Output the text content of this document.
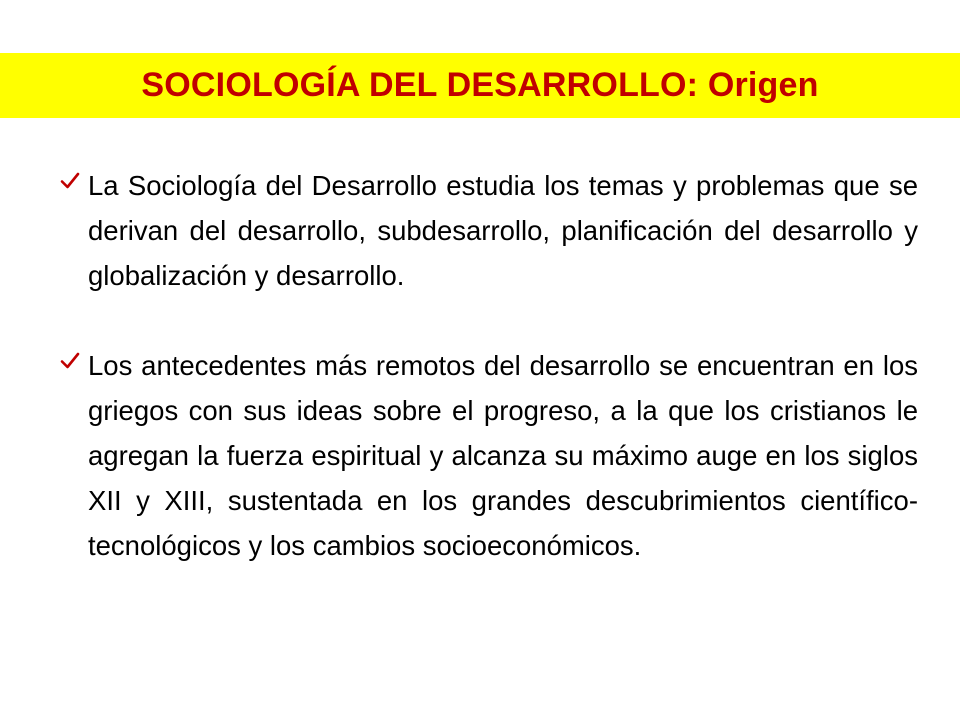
SOCIOLOGÍA DEL DESARROLLO: Origen

La Sociología del Desarrollo estudia los temas y problemas que se derivan del desarrollo, subdesarrollo, planificación del desarrollo y globalización y desarrollo.

Los antecedentes más remotos del desarrollo se encuentran en los griegos con sus ideas sobre el progreso, a la que los cristianos le agregan la fuerza espiritual y alcanza su máximo auge en los siglos XII y XIII, sustentada en los grandes descubrimientos científico-tecnológicos y los cambios socioeconómicos.
